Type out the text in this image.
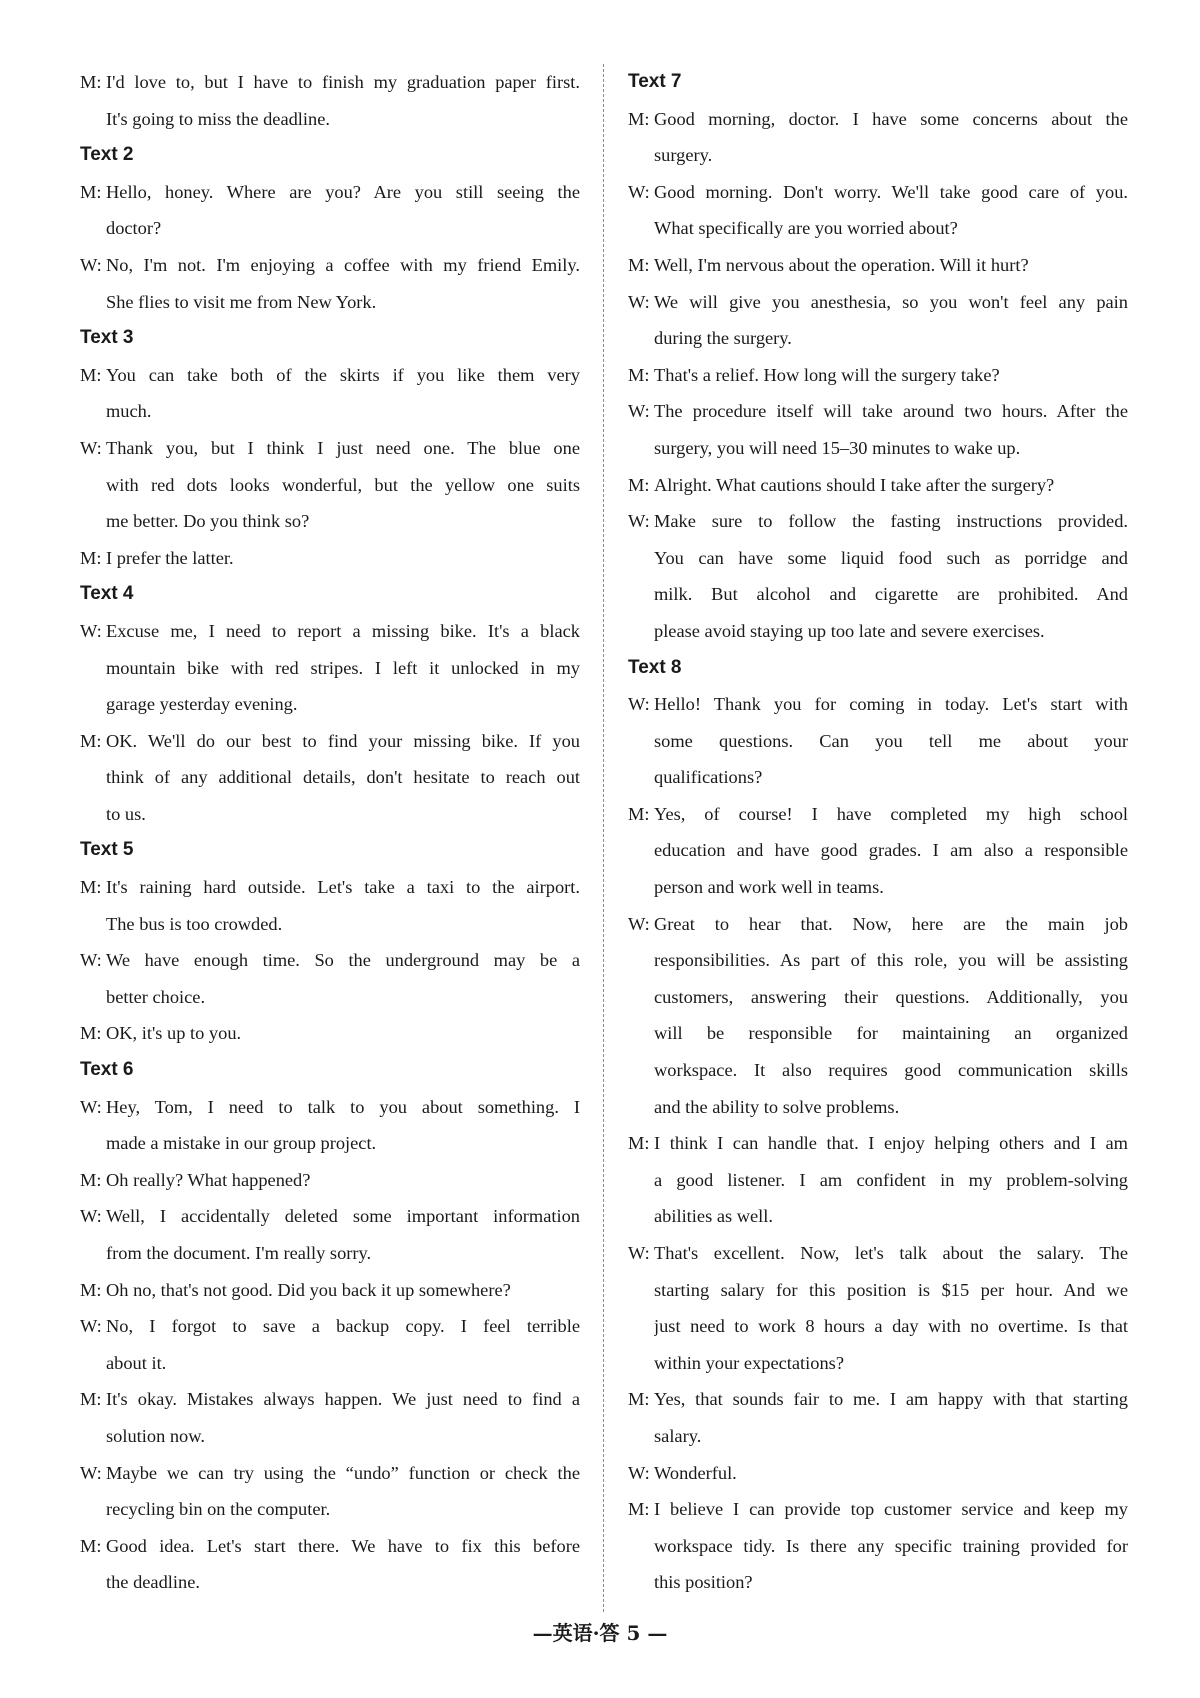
M: I'd love to, but I have to finish my graduation paper first.
It's going to miss the deadline.
Text 2
M: Hello, honey. Where are you? Are you still seeing the
doctor?
W: No, I'm not. I'm enjoying a coffee with my friend Emily.
She flies to visit me from New York.
Text 3
M: You can take both of the skirts if you like them very
much.
W: Thank you, but I think I just need one. The blue one
with red dots looks wonderful, but the yellow one suits
me better. Do you think so?
M: I prefer the latter.
Text 4
W: Excuse me, I need to report a missing bike. It's a black
mountain bike with red stripes. I left it unlocked in my
garage yesterday evening.
M: OK. We'll do our best to find your missing bike. If you
think of any additional details, don't hesitate to reach out
to us.
Text 5
M: It's raining hard outside. Let's take a taxi to the airport.
The bus is too crowded.
W: We have enough time. So the underground may be a
better choice.
M: OK, it's up to you.
Text 6
W: Hey, Tom, I need to talk to you about something. I
made a mistake in our group project.
M: Oh really? What happened?
W: Well, I accidentally deleted some important information
from the document. I'm really sorry.
M: Oh no, that's not good. Did you back it up somewhere?
W: No, I forgot to save a backup copy. I feel terrible
about it.
M: It's okay. Mistakes always happen. We just need to find a
solution now.
W: Maybe we can try using the “undo” function or check the
recycling bin on the computer.
M: Good idea. Let's start there. We have to fix this before
the deadline.
Text 7
M: Good morning, doctor. I have some concerns about the
surgery.
W: Good morning. Don't worry. We'll take good care of you.
What specifically are you worried about?
M: Well, I'm nervous about the operation. Will it hurt?
W: We will give you anesthesia, so you won't feel any pain
during the surgery.
M: That's a relief. How long will the surgery take?
W: The procedure itself will take around two hours. After the
surgery, you will need 15–30 minutes to wake up.
M: Alright. What cautions should I take after the surgery?
W: Make sure to follow the fasting instructions provided.
You can have some liquid food such as porridge and
milk. But alcohol and cigarette are prohibited. And
please avoid staying up too late and severe exercises.
Text 8
W: Hello! Thank you for coming in today. Let's start with
some questions. Can you tell me about your
qualifications?
M: Yes, of course! I have completed my high school
education and have good grades. I am also a responsible
person and work well in teams.
W: Great to hear that. Now, here are the main job
responsibilities. As part of this role, you will be assisting
customers, answering their questions. Additionally, you
will be responsible for maintaining an organized
workspace. It also requires good communication skills
and the ability to solve problems.
M: I think I can handle that. I enjoy helping others and I am
a good listener. I am confident in my problem-solving
abilities as well.
W: That's excellent. Now, let's talk about the salary. The
starting salary for this position is $15 per hour. And we
just need to work 8 hours a day with no overtime. Is that
within your expectations?
M: Yes, that sounds fair to me. I am happy with that starting
salary.
W: Wonderful.
M: I believe I can provide top customer service and keep my
workspace tidy. Is there any specific training provided for
this position?
—英语·答 5 —
